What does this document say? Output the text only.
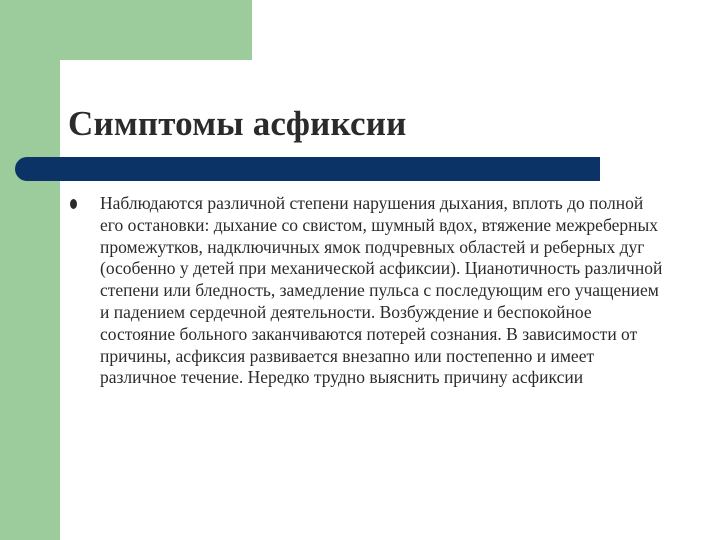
Симптомы асфиксии

Наблюдаются различной степени нарушения дыхания, вплоть до полной его остановки: дыхание со свистом, шумный вдох, втяжение межреберных промежутков, надключичных ямок подчревных областей и реберных дуг (особенно у детей при механической асфиксии). Цианотичность различной степени или бледность, замедление пульса с последующим его учащением и падением сердечной деятельности. Возбуждение и беспокойное состояние больного заканчиваются потерей сознания. В зависимости от причины, асфиксия развивается внезапно или постепенно и имеет различное течение. Нередко трудно выяснить причину асфиксии
